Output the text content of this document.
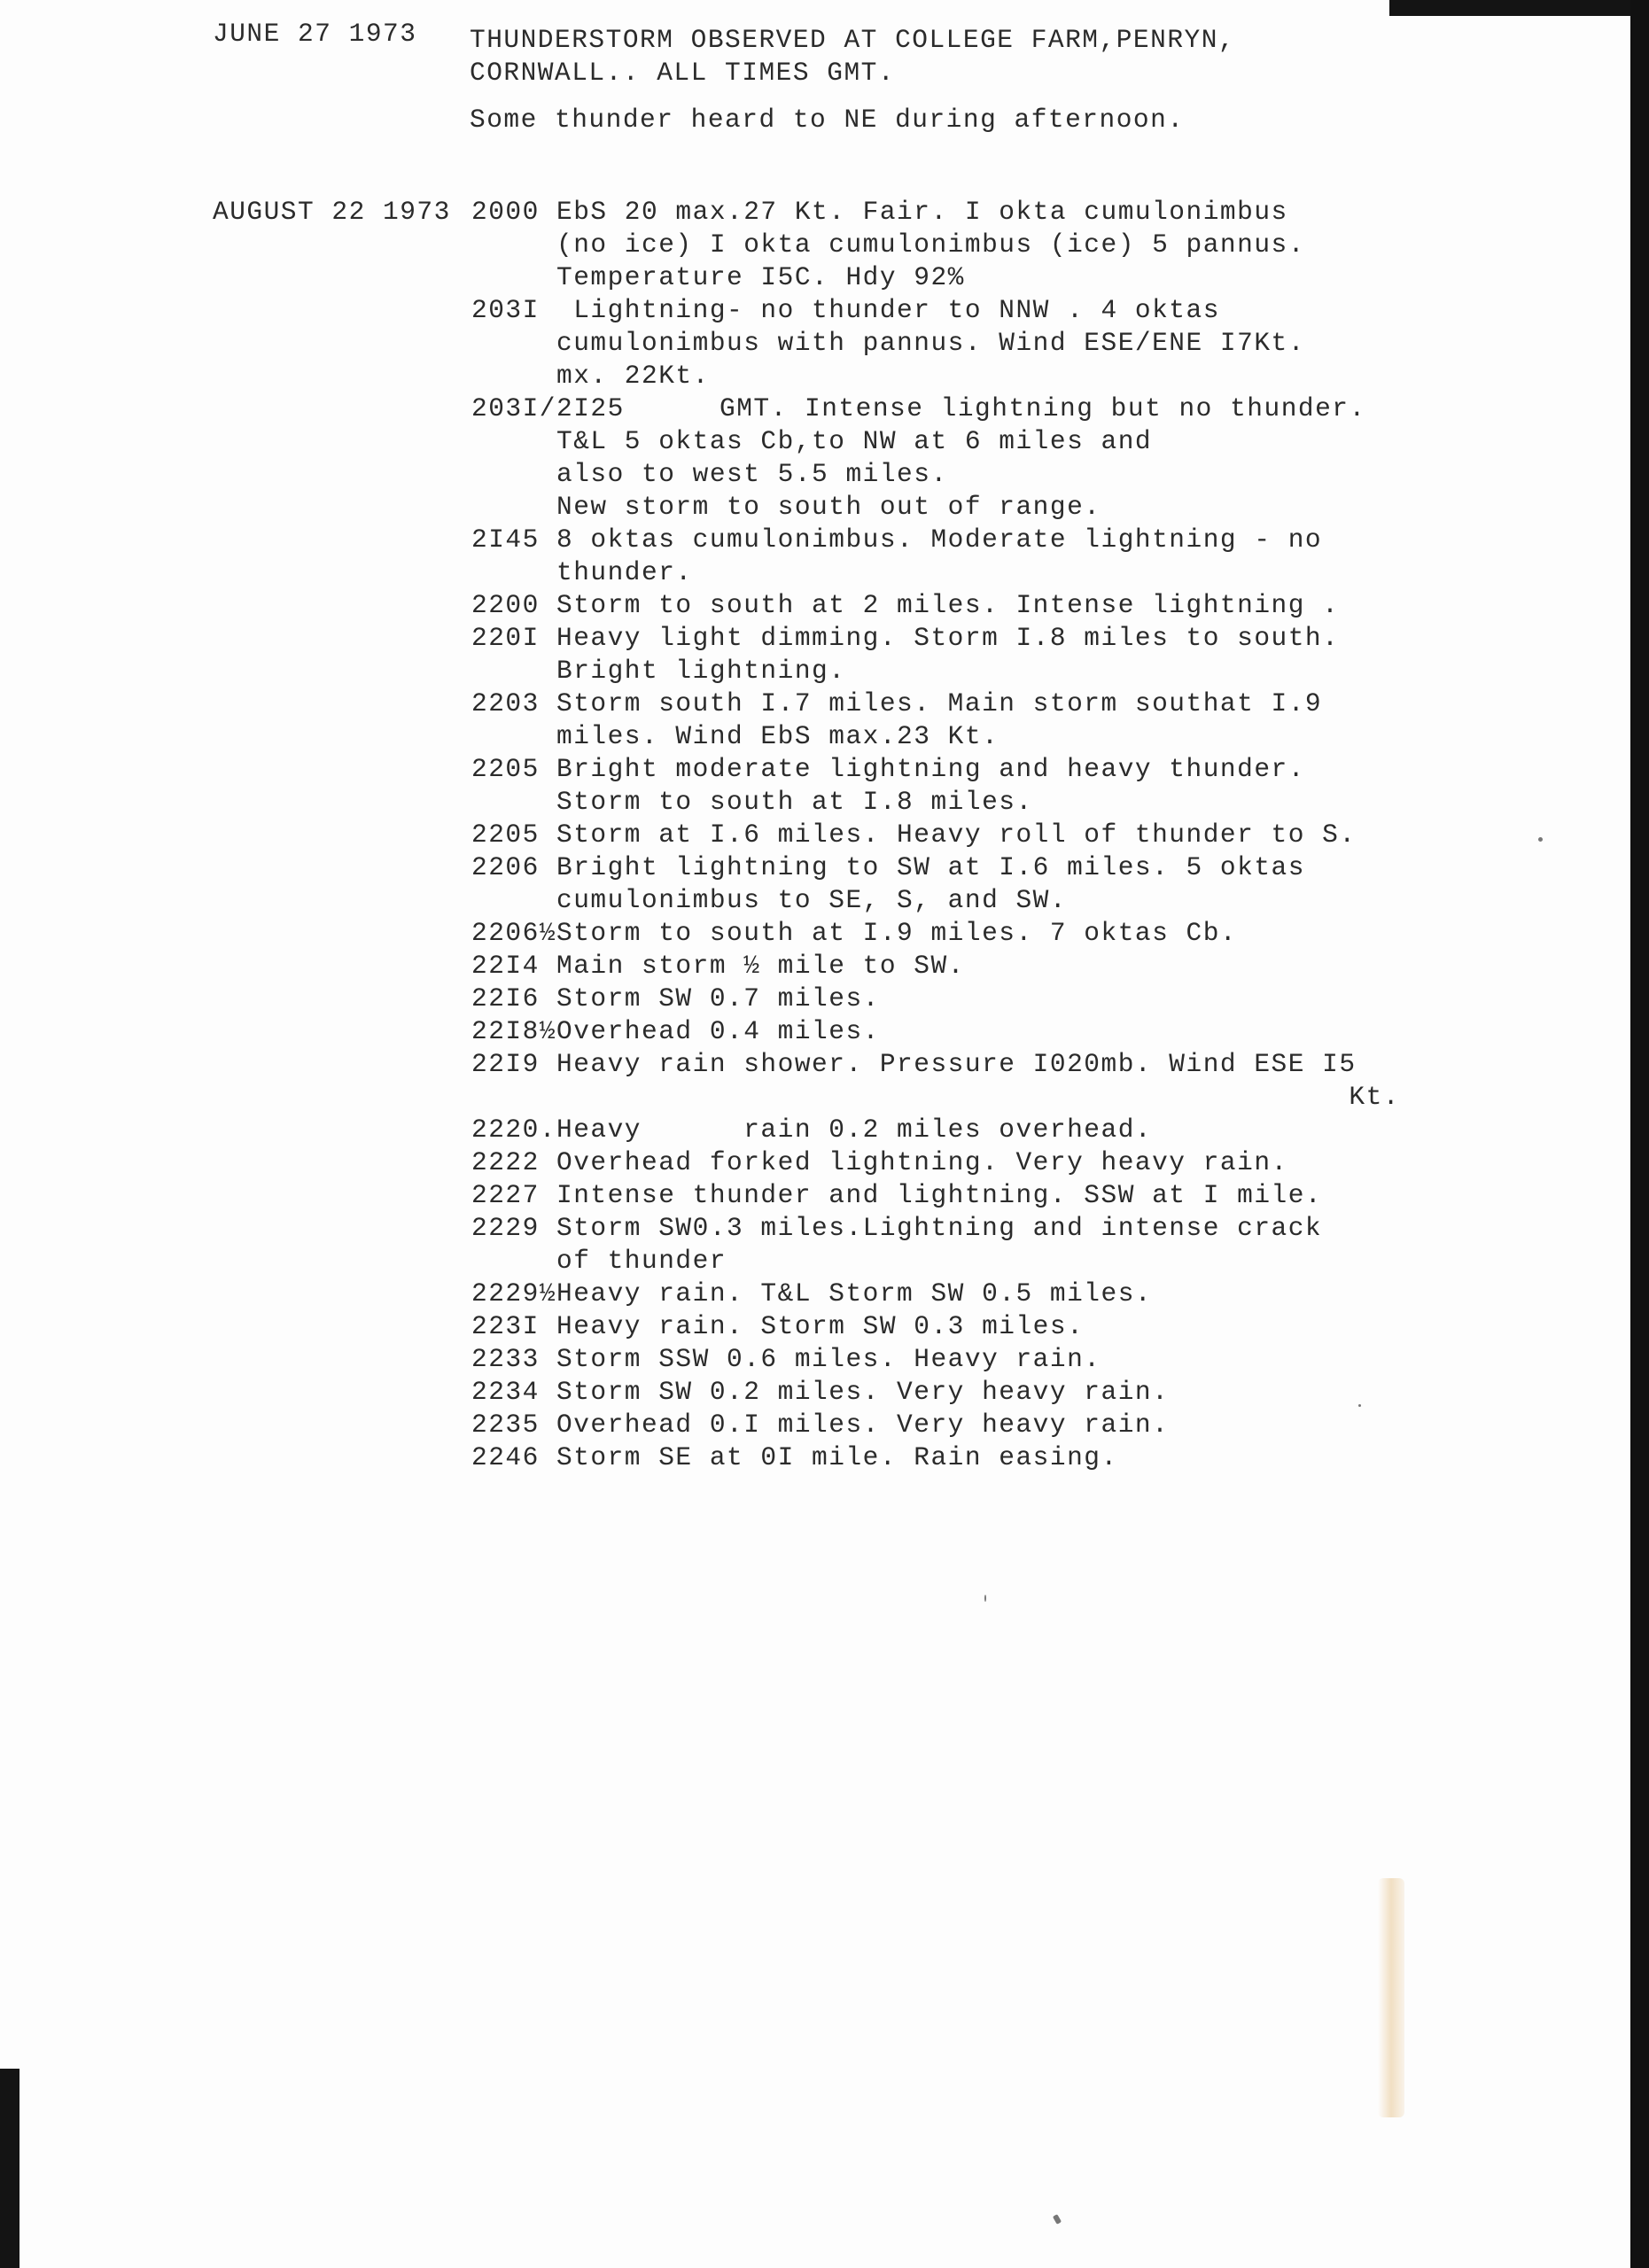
JUNE 27 1973	THUNDERSTORM OBSERVED AT COLLEGE FARM,PENRYN,
CORNWALL.. ALL TIMES GMT.
Some thunder heard to NE during afternoon.
AUGUST 22 1973 2000 EbS 20 max.27 Kt. Fair. I okta cumulonimbus
(no ice) I okta cumulonimbus (ice) 5 pannus.
Temperature I5C. Hdy 92%
203I Lightning- no thunder to NNW . 4 oktas
cumulonimbus with pannus. Wind ESE/ENE I7Kt.
mx. 22Kt.
203I/2I25	GMT. Intense lightning but no thunder.
T&L 5 oktas Cb,to NW at 6 miles and
also to west 5.5 miles.
New storm to south out of range.
2I45 8 oktas cumulonimbus. Moderate lightning - no
thunder.
2200 Storm to south at 2 miles. Intense lightning .
220I Heavy light dimming. Storm I.8 miles to south.
Bright lightning.
2203 Storm south I.7 miles. Main storm southat I.9
miles. Wind EbS max.23 Kt.
2205 Bright moderate lightning and heavy thunder.
Storm to south at I.8 miles.
2205 Storm at I.6 miles. Heavy roll of thunder to S.
2206 Bright lightning to SW at I.6 miles. 5 oktas
cumulonimbus to SE, S, and SW.
2206½ Storm to south at I.9 miles. 7 oktas Cb.
22I4 Main storm ½ mile to SW.
22I6 Storm SW 0.7 miles.
22I8½ Overhead 0.4 miles.
22I9 Heavy rain shower. Pressure I020mb. Wind ESE I5
Kt.
2220. Heavy      rain 0.2 miles overhead.
2222 Overhead forked lightning. Very heavy rain.
2227 Intense thunder and lightning. SSW at I mile.
2229 Storm SW0.3 miles.Lightning and intense crack
of thunder
2229½ Heavy rain. T&L Storm SW 0.5 miles.
223I Heavy rain. Storm SW 0.3 miles.
2233 Storm SSW 0.6 miles. Heavy rain.
2234 Storm SW 0.2 miles. Very heavy rain.
2235 Overhead 0.I miles. Very heavy rain.
2246 Storm SE at 0I mile. Rain easing.
